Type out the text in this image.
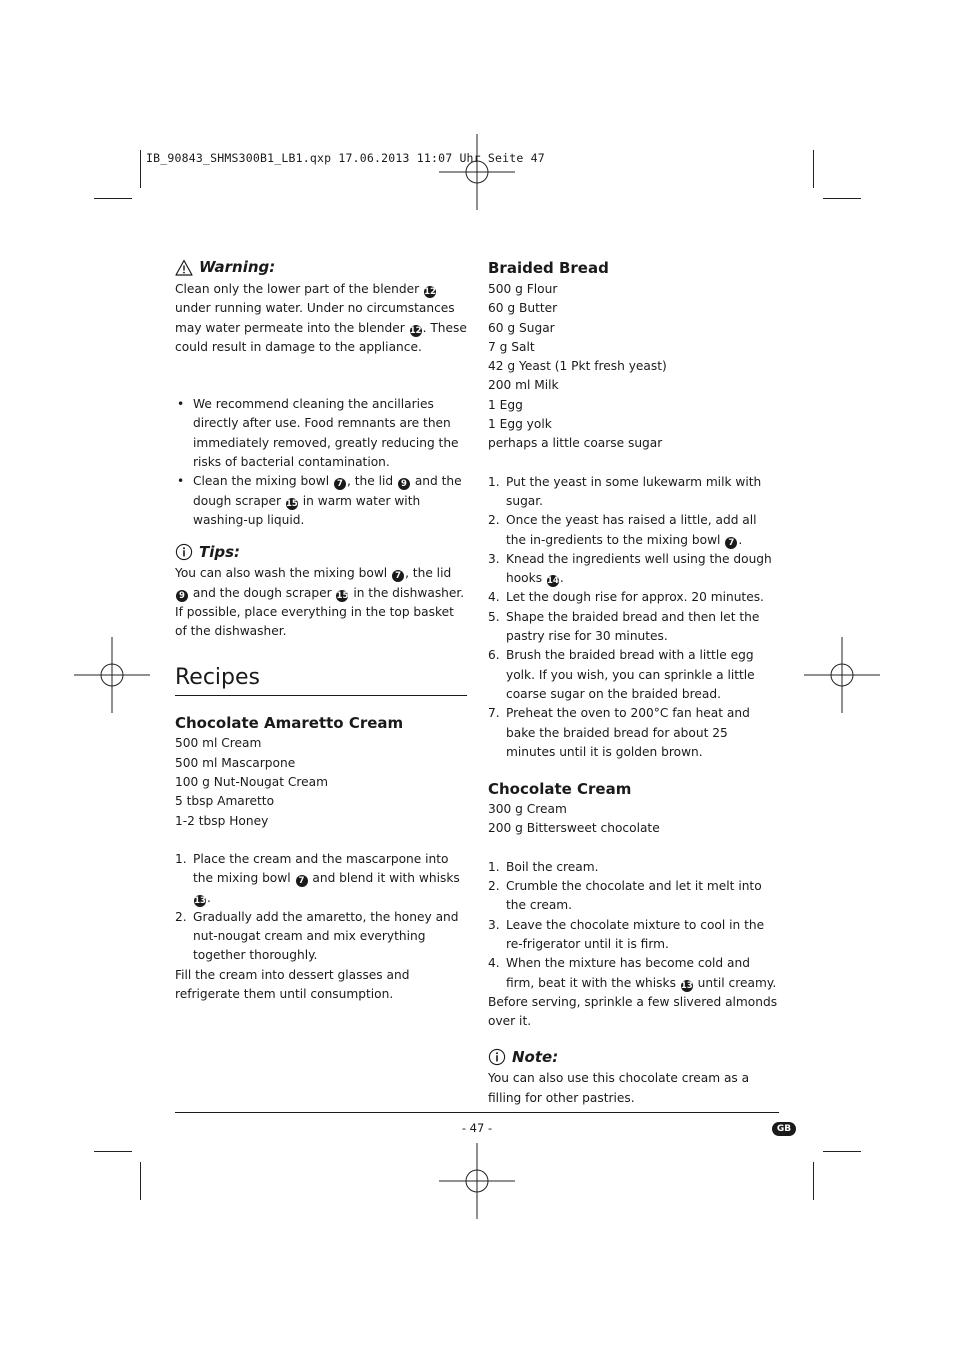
IB_90843_SHMS300B1_LB1.qxp 17.06.2013 11:07 Uhr Seite 47
Warning:

Clean only the lower part of the blender 12 under running water. Under no circumstances may water permeate into the blender 12. These could result in damage to the appliance.

• We recommend cleaning the ancillaries directly after use. Food remnants are then immediately removed, greatly reducing the risks of bacterial contamination.
• Clean the mixing bowl 7 , the lid 9 and the dough scraper 15 in warm water with washing-up liquid.
Tips:

You can also wash the mixing bowl 7 , the lid 9 and the dough scraper 15 in the dishwasher.

If possible, place everything in the top basket of the dishwasher.

Recipes
Chocolate Amaretto Cream
500 ml Cream
500 ml Mascarpone
100 g Nut-Nougat Cream
5 tbsp Amaretto
1-2 tbsp Honey
1. Place the cream and the mascarpone into the mixing bowl 7 and blend it with whisks 13.
2. Gradually add the amaretto, the honey and nut-nougat cream and mix everything together thoroughly.

Fill the cream into dessert glasses and refrigerate them until consumption.

Braided Bread
500 g Flour
60 g Butter
60 g Sugar
7 g Salt
42 g Yeast (1 Pkt fresh yeast)
200 ml Milk
1 Egg
1 Egg yolk
perhaps a little coarse sugar
1. Put the yeast in some lukewarm milk with sugar.
2. Once the yeast has raised a little, add all the in-gredients to the mixing bowl 7 .
3. Knead the ingredients well using the dough hooks 14.
4. Let the dough rise for approx. 20 minutes.
5. Shape the braided bread and then let the pastry rise for 30 minutes.
6. Brush the braided bread with a little egg yolk. If you wish, you can sprinkle a little coarse sugar on the braided bread.
7. Preheat the oven to 200°C fan heat and bake the braided bread for about 25 minutes until it is golden brown.
Chocolate Cream
300 g Cream
200 g Bittersweet chocolate
1. Boil the cream.
2. Crumble the chocolate and let it melt into the cream.
3. Leave the chocolate mixture to cool in the re-frigerator until it is firm.
4. When the mixture has become cold and firm, beat it with the whisks 13 until creamy.

Before serving, sprinkle a few slivered almonds over it.

Note:

You can also use this chocolate cream as a filling for other pastries.

- 47 -	GB
